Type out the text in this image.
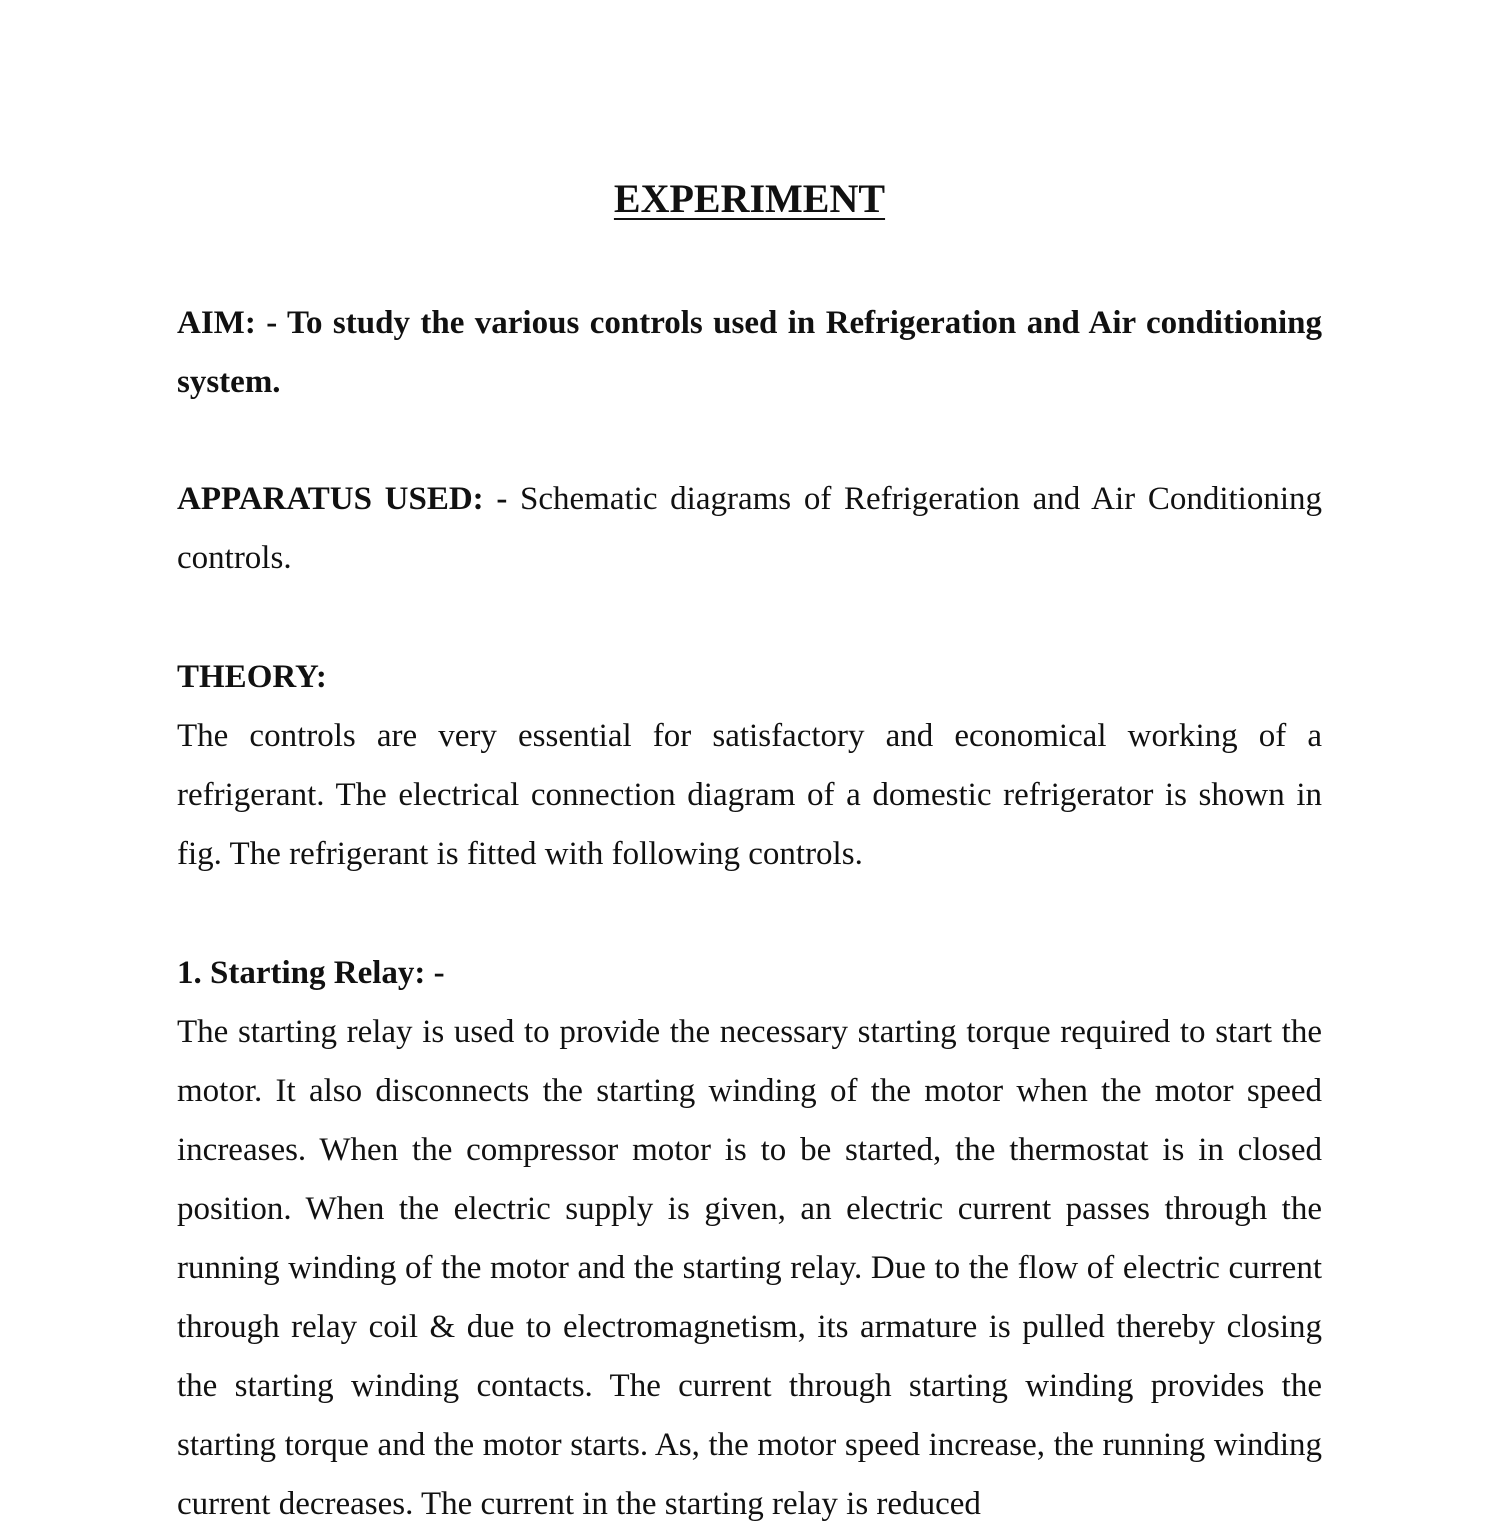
EXPERIMENT

AIM: - To study the various controls used in Refrigeration and Air conditioning system.

APPARATUS USED: - Schematic diagrams of Refrigeration and Air Conditioning controls.

THEORY:

The controls are very essential for satisfactory and economical working of a refrigerant. The electrical connection diagram of a domestic refrigerator is shown in fig. The refrigerant is fitted with following controls.

1. Starting Relay: -

The starting relay is used to provide the necessary starting torque required to start the motor. It also disconnects the starting winding of the motor when the motor speed increases. When the compressor motor is to be started, the thermostat is in closed position. When the electric supply is given, an electric current passes through the running winding of the motor and the starting relay. Due to the flow of electric current through relay coil & due to electromagnetism, its armature is pulled thereby closing the starting winding contacts. The current through starting winding provides the starting torque and the motor starts. As, the motor speed increase, the running winding current decreases. The current in the starting relay is reduced
